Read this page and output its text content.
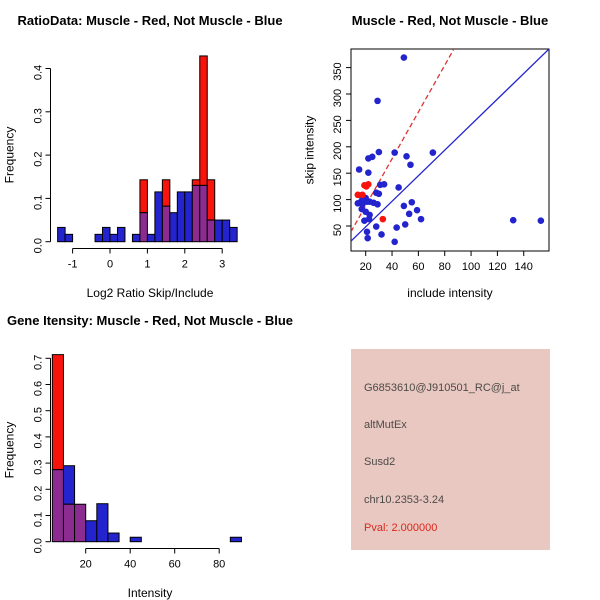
RatioData: Muscle - Red, Not Muscle - Blue
Frequency
0.0
0.1
0.2
0.3
0.4
-1	0	1	2	3
Log2 Ratio Skip/Include
Muscle - Red, Not Muscle - Blue
skip intensity
20 40 60 80 100 120 140
50
100
150
200
250
300
350
include intensity
Gene Itensity: Muscle - Red, Not Muscle - Blue
Frequency
0.0
0.1
0.2
0.3
0.4
0.5
0.6
0.7
20	40	60	80
Intensity
G6853610@J910501_RC@j_at
altMutEx
Susd2
chr10.2353-3.24
Pval: 2.000000
